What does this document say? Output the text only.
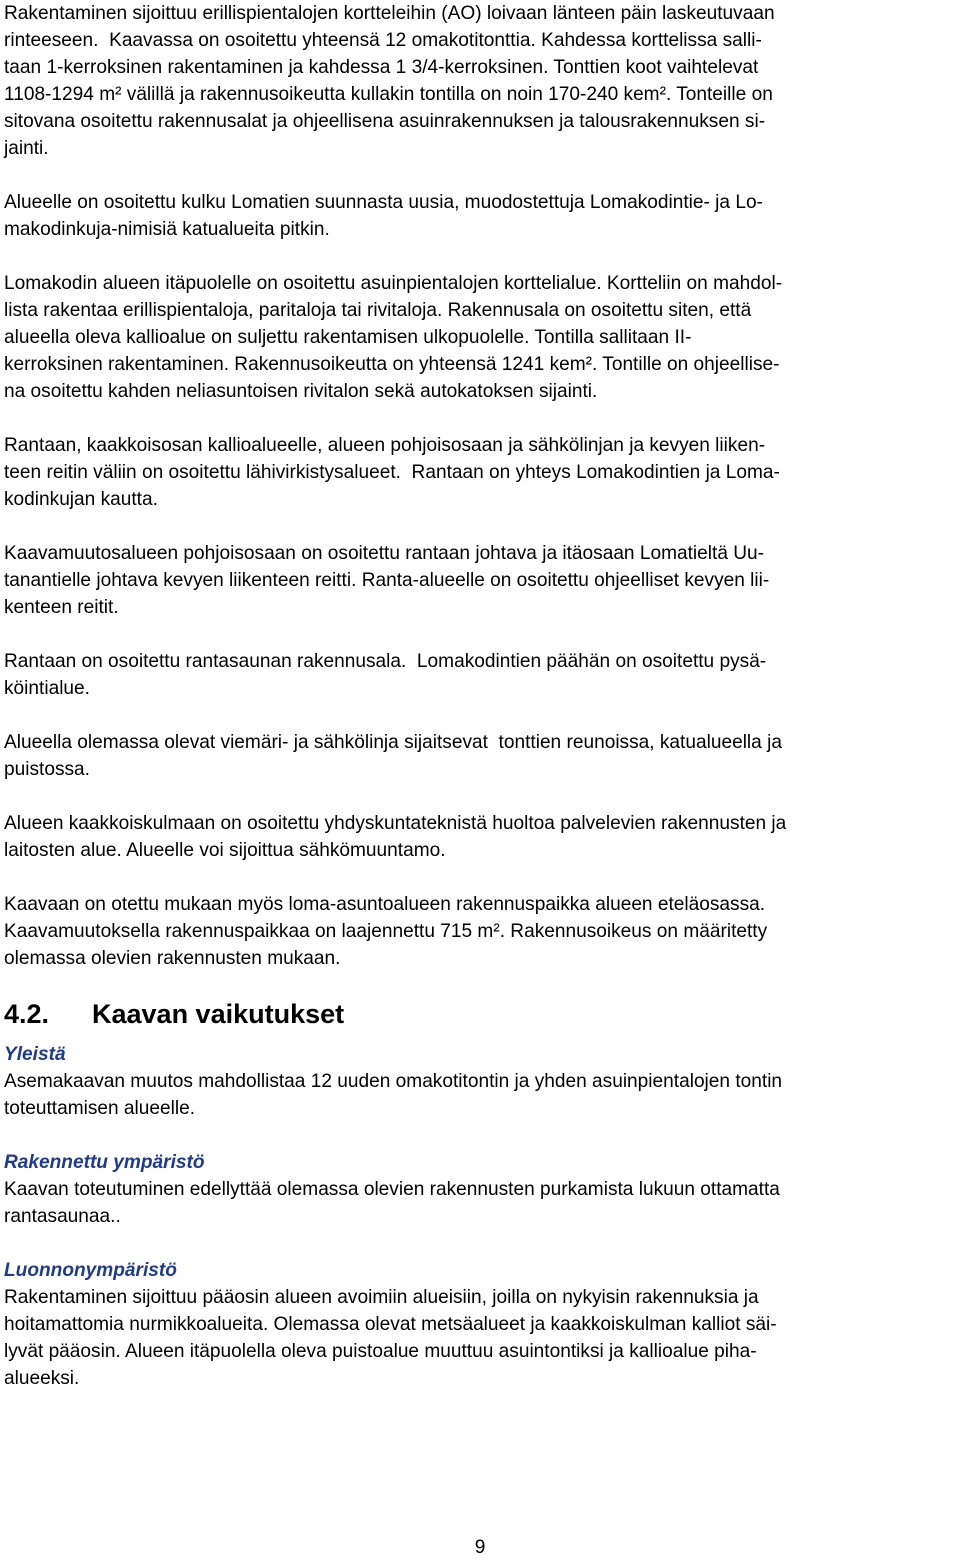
Rakentaminen sijoittuu erillispientalojen kortteleihin (AO) loivaan länteen päin laskeutuvaan
rinteeseen.  Kaavassa on osoitettu yhteensä 12 omakotitonttia. Kahdessa korttelissa salli-
taan 1-kerroksinen rakentaminen ja kahdessa 1 3/4-kerroksinen. Tonttien koot vaihtelevat
1108-1294 m² välillä ja rakennusoikeutta kullakin tontilla on noin 170-240 kem². Tonteille on
sitovana osoitettu rakennusalat ja ohjeellisena asuinrakennuksen ja talousrakennuksen si-
jainti.
Alueelle on osoitettu kulku Lomatien suunnasta uusia, muodostettuja Lomakodintie- ja Lo-
makodinkuja-nimisiä katualueita pitkin.
Lomakodin alueen itäpuolelle on osoitettu asuinpientalojen korttelialue. Kortteliin on mahdol-
lista rakentaa erillispientaloja, paritaloja tai rivitaloja. Rakennusala on osoitettu siten, että
alueella oleva kallioalue on suljettu rakentamisen ulkopuolelle. Tontilla sallitaan II-
kerroksinen rakentaminen. Rakennusoikeutta on yhteensä 1241 kem². Tontille on ohjeellise-
na osoitettu kahden neliasuntoisen rivitalon sekä autokatoksen sijainti.
Rantaan, kaakkoisosan kallioalueelle, alueen pohjoisosaan ja sähkölinjan ja kevyen liiken-
teen reitin väliin on osoitettu lähivirkistysalueet.  Rantaan on yhteys Lomakodintien ja Loma-
kodinkujan kautta.
Kaavamuutosalueen pohjoisosaan on osoitettu rantaan johtava ja itäosaan Lomatieltä Uu-
tanantielle johtava kevyen liikenteen reitti. Ranta-alueelle on osoitettu ohjeelliset kevyen lii-
kenteen reitit.
Rantaan on osoitettu rantasaunan rakennusala.  Lomakodintien päähän on osoitettu pysä-
köintialue.
Alueella olemassa olevat viemäri- ja sähkölinja sijaitsevat  tonttien reunoissa, katualueella ja
puistossa.
Alueen kaakkoiskulmaan on osoitettu yhdyskuntateknistä huoltoa palvelevien rakennusten ja
laitosten alue. Alueelle voi sijoittua sähkömuuntamo.
Kaavaan on otettu mukaan myös loma-asuntoalueen rakennuspaikka alueen eteläosassa.
Kaavamuutoksella rakennuspaikkaa on laajennettu 715 m². Rakennusoikeus on määritetty
olemassa olevien rakennusten mukaan.
4.2. Kaavan vaikutukset
Yleistä
Asemakaavan muutos mahdollistaa 12 uuden omakotitontin ja yhden asuinpientalojen tontin
toteuttamisen alueelle.
Rakennettu ympäristö
Kaavan toteutuminen edellyttää olemassa olevien rakennusten purkamista lukuun ottamatta
rantasaunaa..
Luonnonympäristö
Rakentaminen sijoittuu pääosin alueen avoimiin alueisiin, joilla on nykyisin rakennuksia ja
hoitamattomia nurmikkoalueita. Olemassa olevat metsäalueet ja kaakkoiskulman kalliot säi-
lyvät pääosin. Alueen itäpuolella oleva puistoalue muuttuu asuintontiksi ja kallioalue piha-
alueeksi.
9
